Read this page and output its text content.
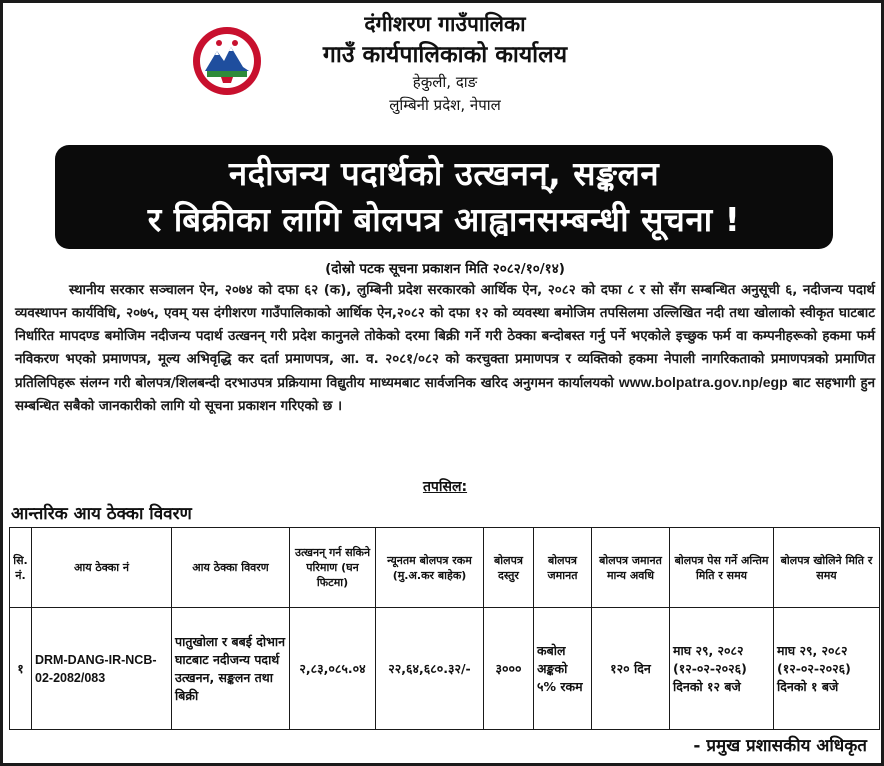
दंगीशरण गाउँपालिका
गाउँ कार्यपालिकाको कार्यालय
हेकुली, दाङ
लुम्बिनी प्रदेश, नेपाल
नदीजन्य पदार्थको उत्खनन्, सङ्कलन
र बिक्रीका लागि बोलपत्र आह्वानसम्बन्धी सूचना !
(दोस्रो पटक सूचना प्रकाशन मिति २०८२/१०/१४)

स्थानीय सरकार सञ्चालन ऐन, २०७४ को दफा ६२ (क), लुम्बिनी प्रदेश सरकारको आर्थिक ऐन, २०८२ को दफा ८ र सो सँग सम्बन्धित अनुसूची ६, नदीजन्य पदार्थ व्यवस्थापन कार्यविधि, २०७५, एवम् यस दंगीशरण गाउँपालिकाको आर्थिक ऐन,२०८२ को दफा १२ को व्यवस्था बमोजिम तपसिलमा उल्लिखित नदी तथा खोलाको स्वीकृत घाटबाट निर्धारित मापदण्ड बमोजिम नदीजन्य पदार्थ उत्खनन् गरी प्रदेश कानुनले तोकेको दरमा बिक्री गर्ने गरी ठेक्का बन्दोबस्त गर्नु पर्ने भएकोले इच्छुक फर्म वा कम्पनीहरूको हकमा फर्म नविकरण भएको प्रमाणपत्र, मूल्य अभिवृद्धि कर दर्ता प्रमाणपत्र, आ. व. २०८१/०८२ को करचुक्ता प्रमाणपत्र र व्यक्तिको हकमा नेपाली नागरिकताको प्रमाणपत्रको प्रमाणित प्रतिलिपिहरू संलग्न गरी बोलपत्र/शिलबन्दी दरभाउपत्र प्रक्रियामा विद्युतीय माध्यमबाट सार्वजनिक खरिद अनुगमन कार्यालयको www.bolpatra.gov.np/egp बाट सहभागी हुन सम्बन्धित सबैको जानकारीको लागि यो सूचना प्रकाशन गरिएको छ ।

तपसिल:
आन्तरिक आय ठेक्का विवरण
सि. नं.	आय ठेक्का नं	आय ठेक्का विवरण	उत्खनन् गर्न सकिने परिमाण (घन फिटमा)	न्यूनतम बोलपत्र रकम (मु.अ.कर बाहेक)	बोलपत्र दस्तुर	बोलपत्र जमानत	बोलपत्र जमानत मान्य अवधि	बोलपत्र पेस गर्ने अन्तिम मिति र समय	बोलपत्र खोलिने मिति र समय
१	DRM-DANG-IR-NCB-02-2082/083	पातुखोला र बबई दोभान घाटबाट नदीजन्य पदार्थ उत्खनन, सङ्कलन तथा बिक्री	२,८३,०८५.०४	२२,६४,६८०.३२/-	३०००	कबोल अङ्कको ५% रकम	१२० दिन	माघ २९, २०८२ (१२-०२-२०२६) दिनको १२ बजे	माघ २९, २०८२ (१२-०२-२०२६) दिनको १ बजे
- प्रमुख प्रशासकीय अधिकृत
